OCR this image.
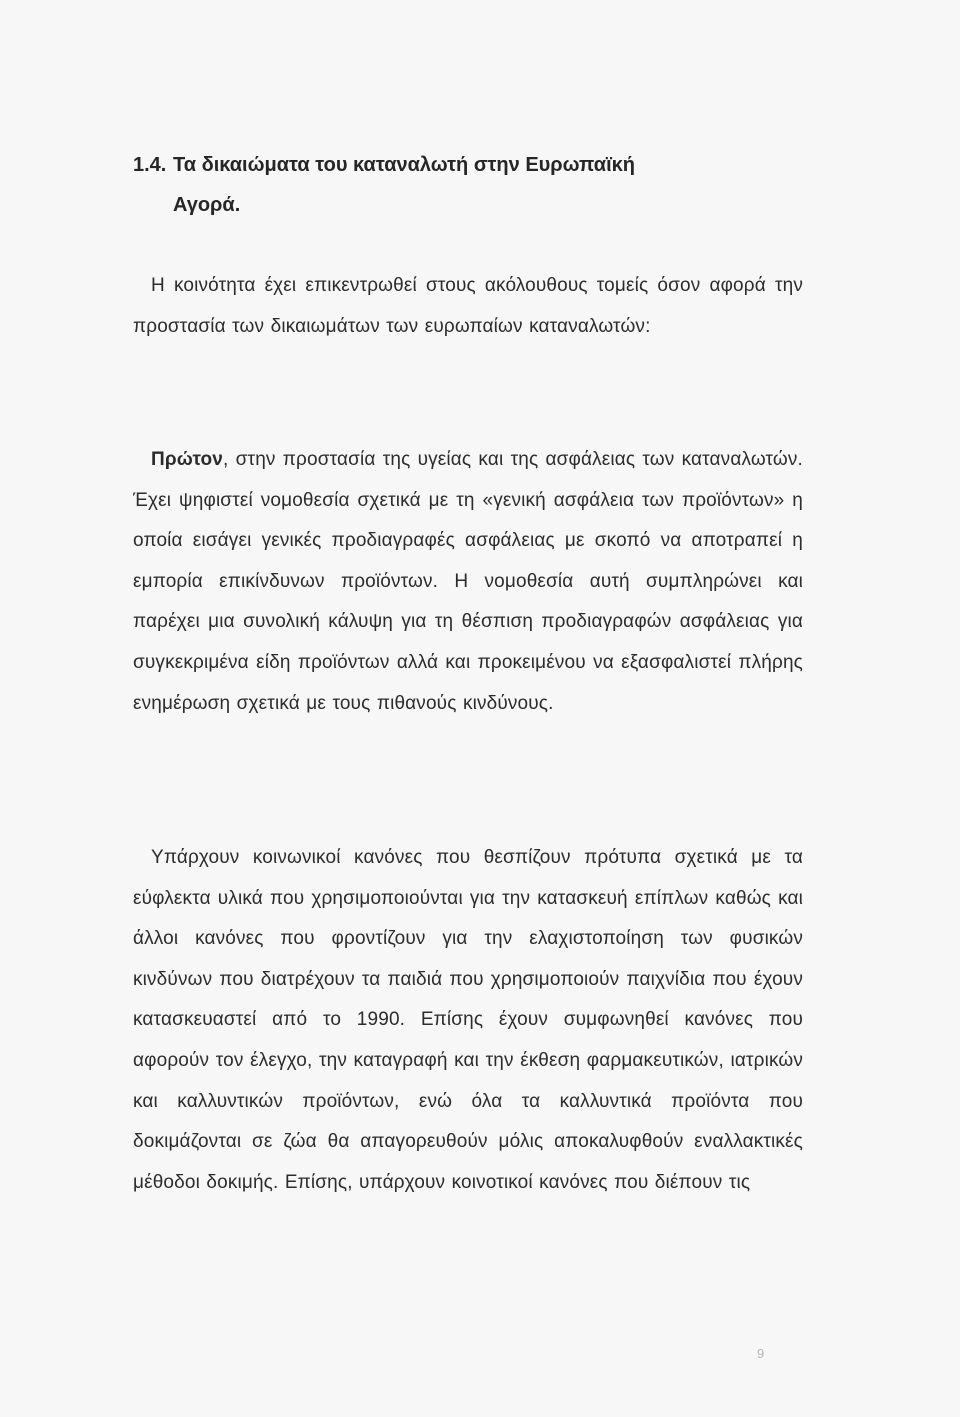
1.4. Τα δικαιώματα του καταναλωτή στην Ευρωπαϊκή
Αγορά.

Η κοινότητα έχει επικεντρωθεί στους ακόλουθους τομείς όσον αφορά την προστασία των δικαιωμάτων των ευρωπαίων καταναλωτών:

Πρώτον, στην προστασία της υγείας και της ασφάλειας των καταναλωτών. Έχει ψηφιστεί νομοθεσία σχετικά με τη «γενική ασφάλεια των προϊόντων» η οποία εισάγει γενικές προδιαγραφές ασφάλειας με σκοπό να αποτραπεί η εμπορία επικίνδυνων προϊόντων. Η νομοθεσία αυτή συμπληρώνει και παρέχει μια συνολική κάλυψη για τη θέσπιση προδιαγραφών ασφάλειας για συγκεκριμένα είδη προϊόντων αλλά και προκειμένου να εξασφαλιστεί πλήρης ενημέρωση σχετικά με τους πιθανούς κινδύνους.

Υπάρχουν κοινωνικοί κανόνες που θεσπίζουν πρότυπα σχετικά με τα εύφλεκτα υλικά που χρησιμοποιούνται για την κατασκευή επίπλων καθώς και άλλοι κανόνες που φροντίζουν για την ελαχιστοποίηση των φυσικών κινδύνων που διατρέχουν τα παιδιά που χρησιμοποιούν παιχνίδια που έχουν κατασκευαστεί από το 1990. Επίσης έχουν συμφωνηθεί κανόνες που αφορούν τον έλεγχο, την καταγραφή και την έκθεση φαρμακευτικών, ιατρικών και καλλυντικών προϊόντων, ενώ όλα τα καλλυντικά προϊόντα που δοκιμάζονται σε ζώα θα απαγορευθούν μόλις αποκαλυφθούν εναλλακτικές μέθοδοι δοκιμής. Επίσης, υπάρχουν κοινοτικοί κανόνες που διέπουν τις

9
